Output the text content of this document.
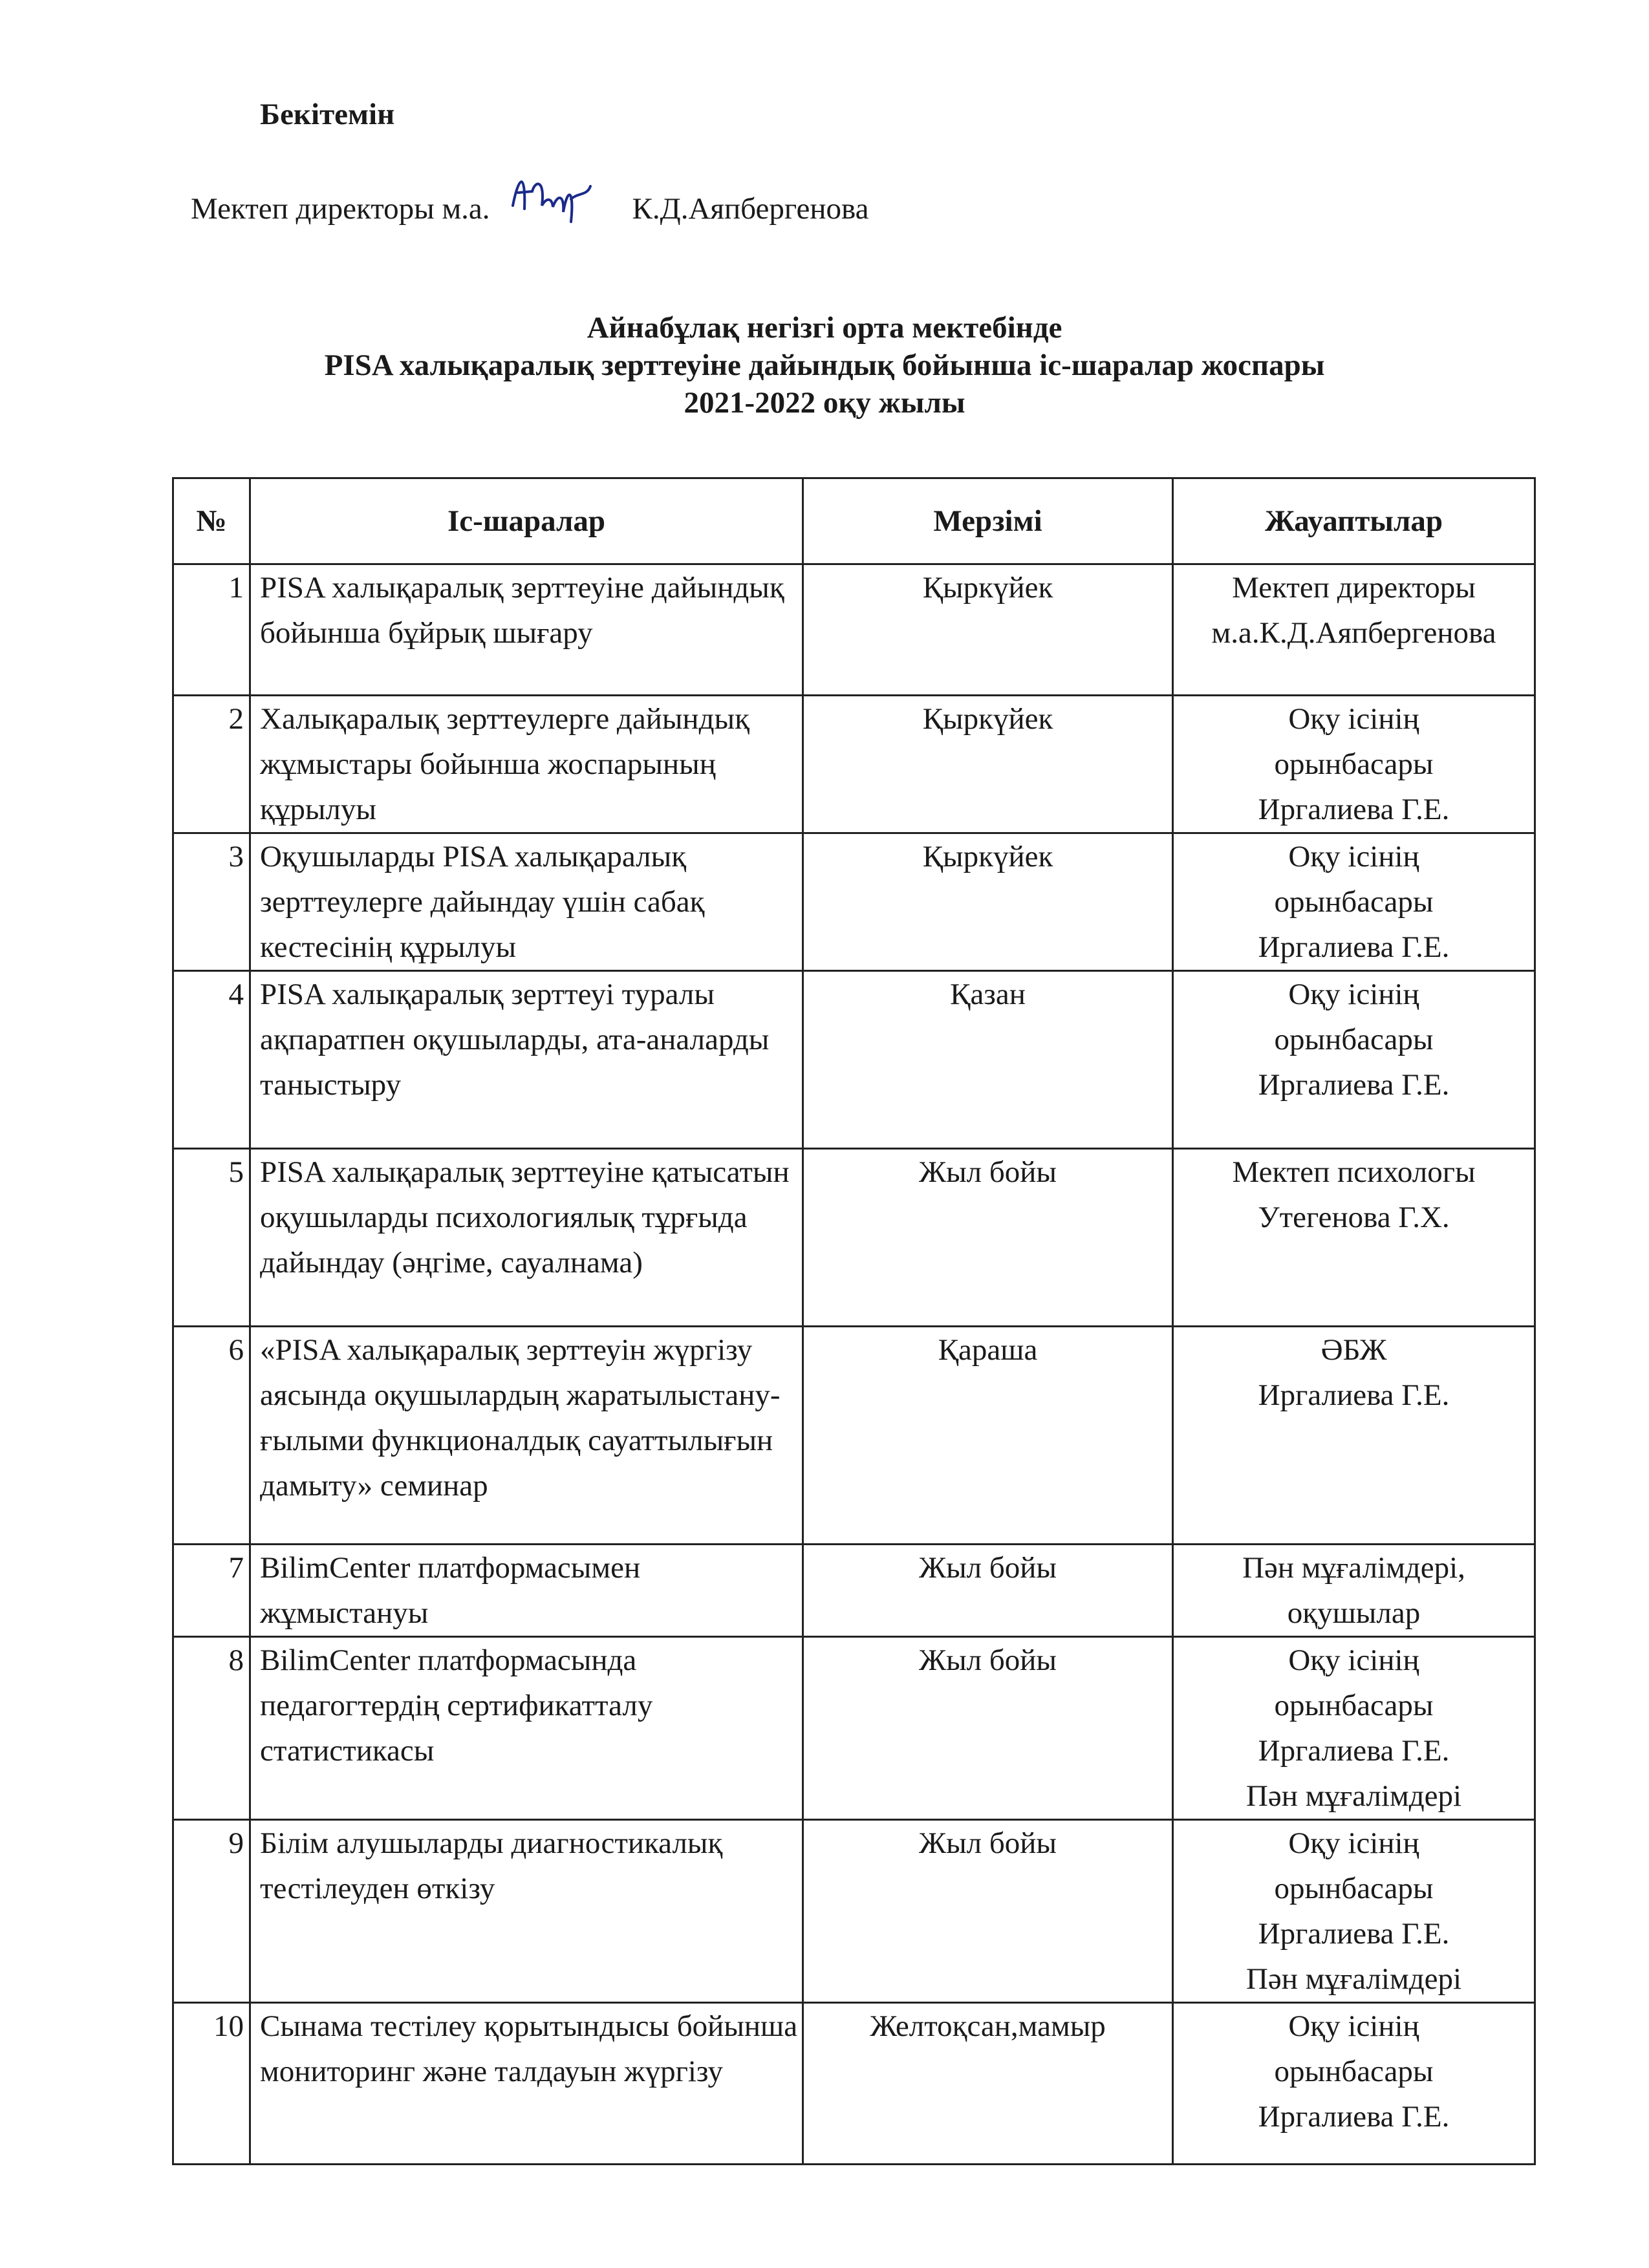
Бекітемін
Мектеп директоры м.а.	К.Д.Аяпбергенова
Айнабұлақ негізгі орта мектебінде
PISA халықаралық зерттеуіне дайындық бойынша іс-шаралар жоспары
2021-2022 оқу жылы
№	Іс-шаралар	Мерзімі	Жауаптылар
1	PISA халықаралық зерттеуіне дайындық бойынша бұйрық шығару	Қыркүйек	Мектеп директоры
м.а.К.Д.Аяпбергенова

2	Халықаралық зерттеулерге дайындық жұмыстары бойынша жоспарының құрылуы	Қыркүйек	Оқу ісінің
орынбасары
Иргалиева Г.Е.

3	Оқушыларды PISA халықаралық зерттеулерге дайындау үшін сабақ кестесінің құрылуы	Қыркүйек	Оқу ісінің
орынбасары
Иргалиева Г.Е.

4	PISA халықаралық зерттеуі туралы ақпаратпен оқушыларды, ата-аналарды таныстыру	Қазан	Оқу ісінің
орынбасары
Иргалиева Г.Е.

5	PISA халықаралық зерттеуіне қатысатын оқушыларды психологиялық тұрғыда дайындау (әңгіме, сауалнама)	Жыл бойы	Мектеп психологы
Утегенова Г.Х.

6	«PISA халықаралық зерттеуін жүргізу аясында оқушылардың жаратылыстану-ғылыми функционалдық сауаттылығын дамыту» семинар	Қараша	ӘБЖ
Иргалиева Г.Е.

7	BilimCenter платформасымен жұмыстануы	Жыл бойы	Пән мұғалімдері,
оқушылар

8	BilimCenter платформасында педагогтердің сертификатталу статистикасы	Жыл бойы	Оқу ісінің
орынбасары
Иргалиева Г.Е.
Пән мұғалімдері

9	Білім алушыларды диагностикалық тестілеуден өткізу	Жыл бойы	Оқу ісінің
орынбасары
Иргалиева Г.Е.
Пән мұғалімдері

10	Сынама тестілеу қорытындысы бойынша мониторинг және талдауын жүргізу	Желтоқсан,мамыр	Оқу ісінің
орынбасары
Иргалиева Г.Е.
